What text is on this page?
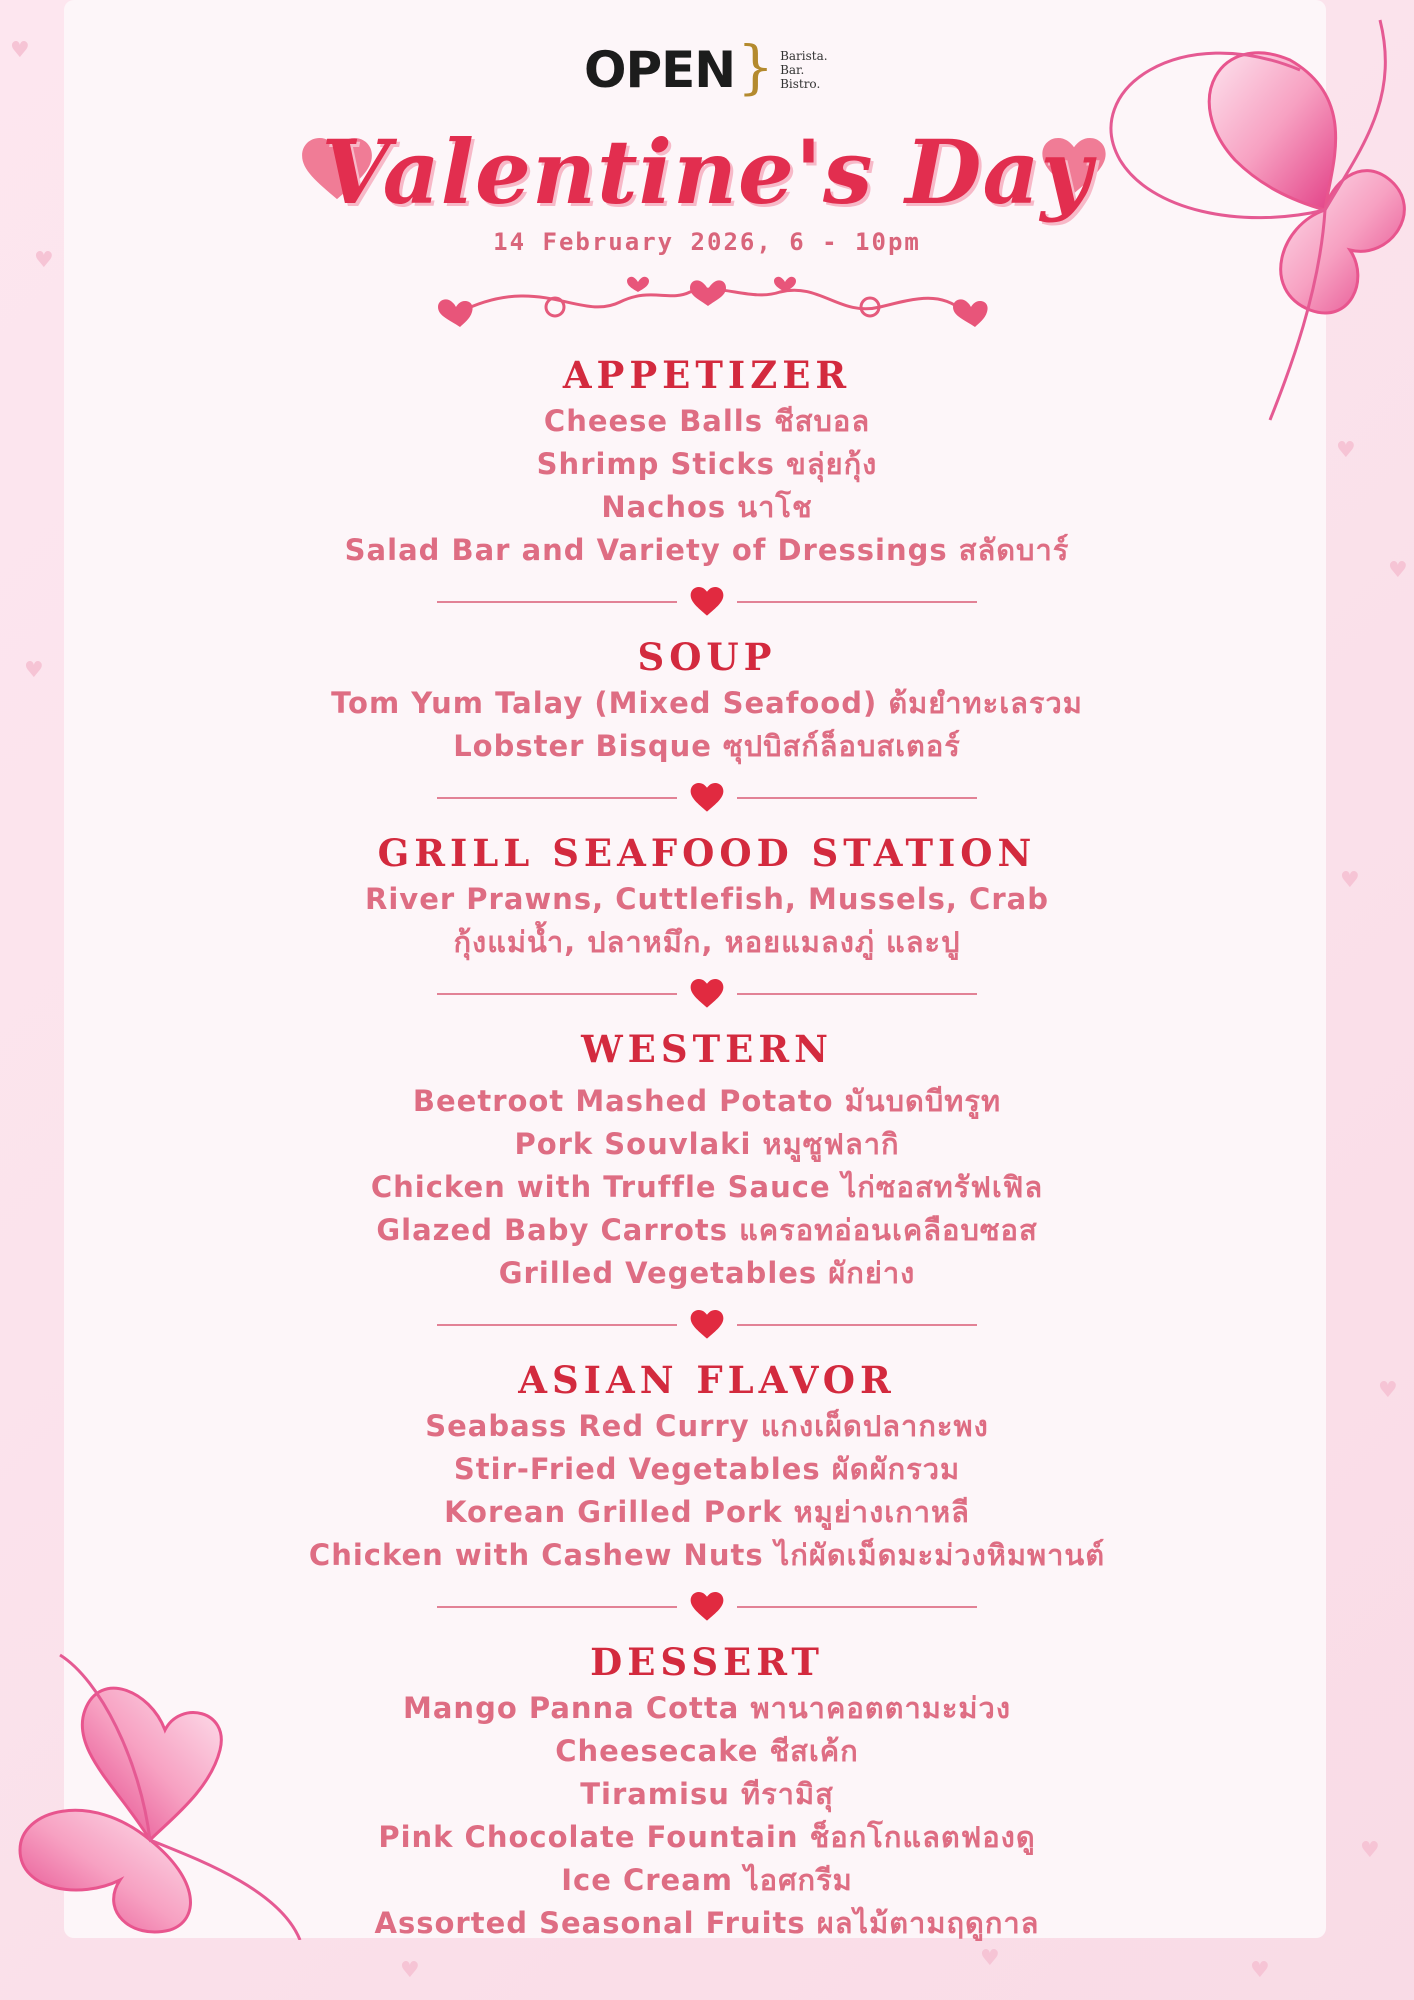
♥
♥
♥
♥
♥
♥
♥
♥
♥	♥
♥
OPEN } Barista.
Bar.
Bistro.
Valentine's Day
14 February 2026, 6 - 10pm
APPETIZER
Cheese Balls ชีสบอล
Shrimp Sticks ขลุ่ยกุ้ง
Nachos นาโช
Salad Bar and Variety of Dressings สลัดบาร์
SOUP
Tom Yum Talay (Mixed Seafood) ต้มยำทะเลรวม
Lobster Bisque ซุปบิสก์ล็อบสเตอร์
GRILL SEAFOOD STATION
River Prawns, Cuttlefish, Mussels, Crab
กุ้งแม่น้ำ, ปลาหมึก, หอยแมลงภู่ และปู
WESTERN
Beetroot Mashed Potato มันบดบีทรูท
Pork Souvlaki หมูซูฟลากิ
Chicken with Truffle Sauce ไก่ซอสทรัฟเฟิล
Glazed Baby Carrots แครอทอ่อนเคลือบซอส
Grilled Vegetables ผักย่าง
ASIAN FLAVOR
Seabass Red Curry แกงเผ็ดปลากะพง
Stir-Fried Vegetables ผัดผักรวม
Korean Grilled Pork หมูย่างเกาหลี
Chicken with Cashew Nuts ไก่ผัดเม็ดมะม่วงหิมพานต์
DESSERT
Mango Panna Cotta พานาคอตตามะม่วง
Cheesecake ชีสเค้ก
Tiramisu ทีรามิสุ
Pink Chocolate Fountain ช็อกโกแลตฟองดู
Ice Cream ไอศกรีม
Assorted Seasonal Fruits ผลไม้ตามฤดูกาล
